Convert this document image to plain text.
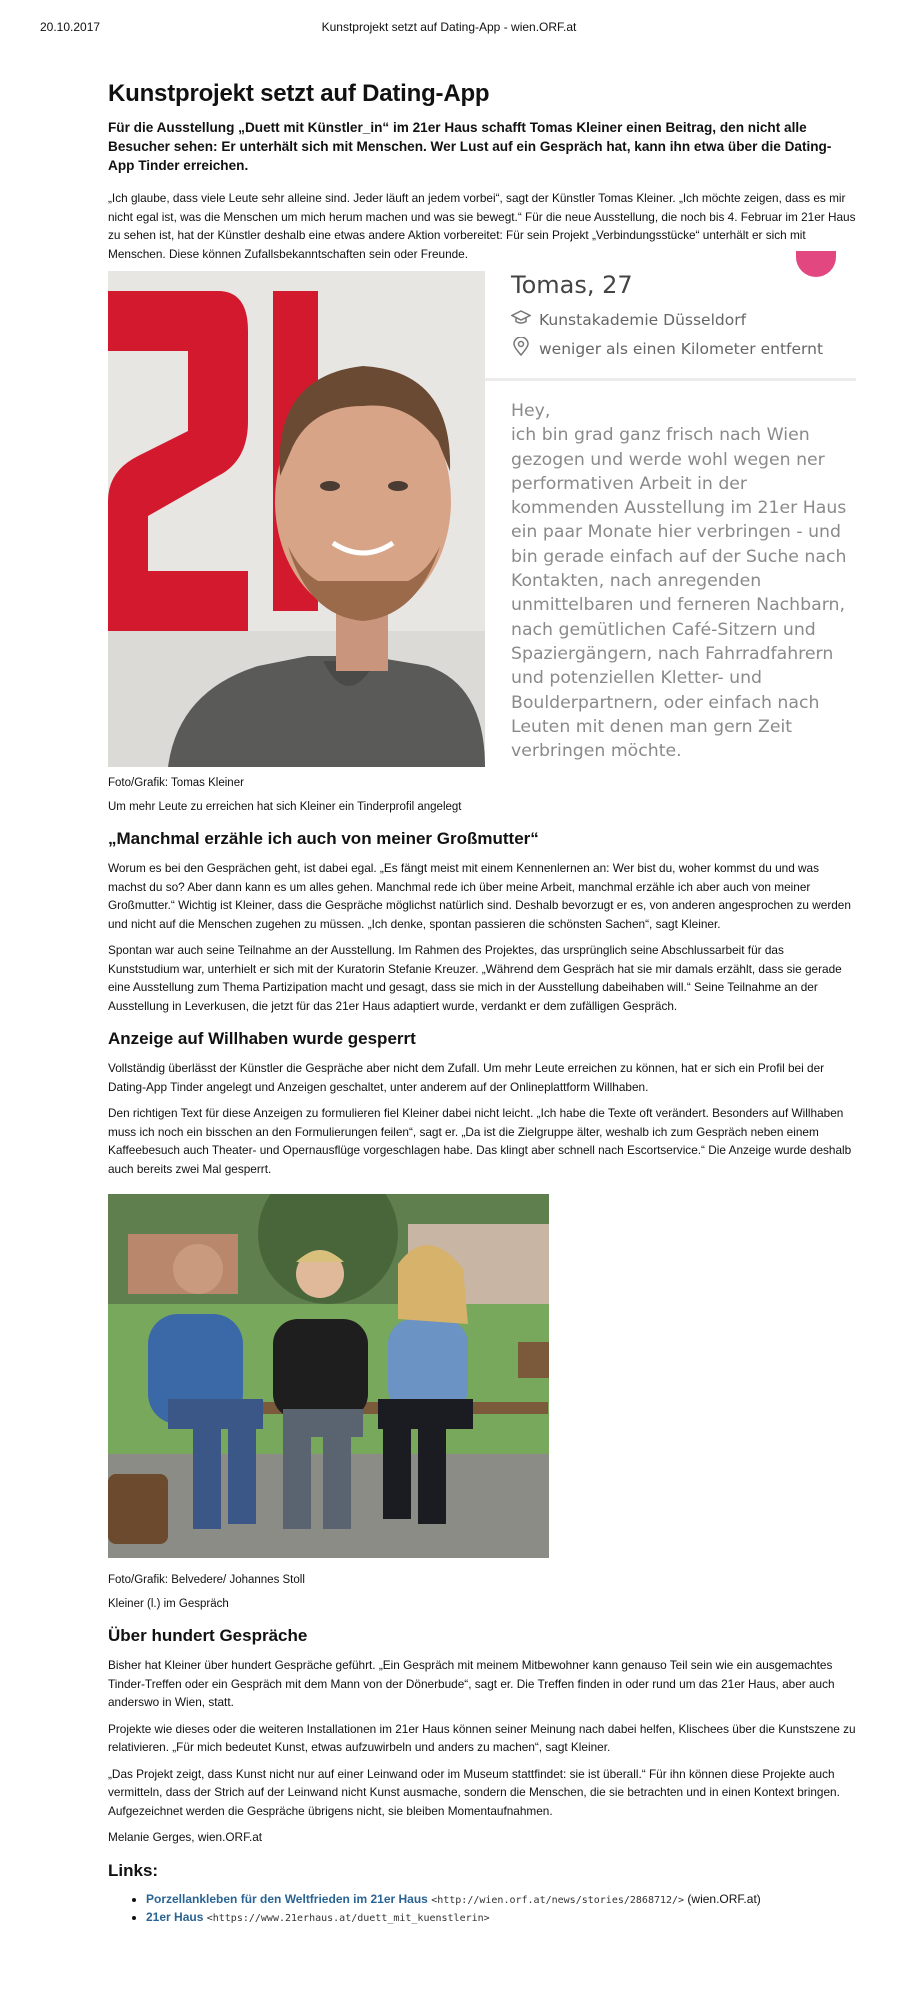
20.10.2017	Kunstprojekt setzt auf Dating-App - wien.ORF.at
Kunstprojekt setzt auf Dating-App

Für die Ausstellung „Duett mit Künstler_in“ im 21er Haus schafft Tomas Kleiner einen Beitrag, den nicht alle Besucher sehen: Er unterhält sich mit Menschen. Wer Lust auf ein Gespräch hat, kann ihn etwa über die Dating-App Tinder erreichen.

„Ich glaube, dass viele Leute sehr alleine sind. Jeder läuft an jedem vorbei“, sagt der Künstler Tomas Kleiner. „Ich möchte zeigen, dass es mir nicht egal ist, was die Menschen um mich herum machen und was sie bewegt.“ Für die neue Ausstellung, die noch bis 4. Februar im 21er Haus zu sehen ist, hat der Künstler deshalb eine etwas andere Aktion vorbereitet: Für sein Projekt „Verbindungsstücke“ unterhält er sich mit Menschen. Diese können Zufallsbekanntschaften sein oder Freunde.

Tomas, 27
Kunstakademie Düsseldorf
weniger als einen Kilometer entfernt

Hey,
ich bin grad ganz frisch nach Wien gezogen und werde wohl wegen ner performativen Arbeit in der kommenden Ausstellung im 21er Haus ein paar Monate hier verbringen - und bin gerade einfach auf der Suche nach Kontakten, nach anregenden unmittelbaren und ferneren Nachbarn, nach gemütlichen Café-Sitzern und Spaziergängern, nach Fahrradfahrern und potenziellen Kletter- und Boulderpartnern, oder einfach nach Leuten mit denen man gern Zeit verbringen möchte.

Foto/Grafik: Tomas Kleiner

Um mehr Leute zu erreichen hat sich Kleiner ein Tinderprofil angelegt

„Manchmal erzähle ich auch von meiner Großmutter“

Worum es bei den Gesprächen geht, ist dabei egal. „Es fängt meist mit einem Kennenlernen an: Wer bist du, woher kommst du und was machst du so? Aber dann kann es um alles gehen. Manchmal rede ich über meine Arbeit, manchmal erzähle ich aber auch von meiner Großmutter.“ Wichtig ist Kleiner, dass die Gespräche möglichst natürlich sind. Deshalb bevorzugt er es, von anderen angesprochen zu werden und nicht auf die Menschen zugehen zu müssen. „Ich denke, spontan passieren die schönsten Sachen“, sagt Kleiner.

Spontan war auch seine Teilnahme an der Ausstellung. Im Rahmen des Projektes, das ursprünglich seine Abschlussarbeit für das Kunststudium war, unterhielt er sich mit der Kuratorin Stefanie Kreuzer. „Während dem Gespräch hat sie mir damals erzählt, dass sie gerade eine Ausstellung zum Thema Partizipation macht und gesagt, dass sie mich in der Ausstellung dabeihaben will.“ Seine Teilnahme an der Ausstellung in Leverkusen, die jetzt für das 21er Haus adaptiert wurde, verdankt er dem zufälligen Gespräch.

Anzeige auf Willhaben wurde gesperrt

Vollständig überlässt der Künstler die Gespräche aber nicht dem Zufall. Um mehr Leute erreichen zu können, hat er sich ein Profil bei der Dating-App Tinder angelegt und Anzeigen geschaltet, unter anderem auf der Onlineplattform Willhaben.

Den richtigen Text für diese Anzeigen zu formulieren fiel Kleiner dabei nicht leicht. „Ich habe die Texte oft verändert. Besonders auf Willhaben muss ich noch ein bisschen an den Formulierungen feilen“, sagt er. „Da ist die Zielgruppe älter, weshalb ich zum Gespräch neben einem Kaffeebesuch auch Theater- und Opernausflüge vorgeschlagen habe. Das klingt aber schnell nach Escortservice.“ Die Anzeige wurde deshalb auch bereits zwei Mal gesperrt.

Foto/Grafik: Belvedere/ Johannes Stoll

Kleiner (l.) im Gespräch

Über hundert Gespräche

Bisher hat Kleiner über hundert Gespräche geführt. „Ein Gespräch mit meinem Mitbewohner kann genauso Teil sein wie ein ausgemachtes Tinder-Treffen oder ein Gespräch mit dem Mann von der Dönerbude“, sagt er. Die Treffen finden in oder rund um das 21er Haus, aber auch anderswo in Wien, statt.

Projekte wie dieses oder die weiteren Installationen im 21er Haus können seiner Meinung nach dabei helfen, Klischees über die Kunstszene zu relativieren. „Für mich bedeutet Kunst, etwas aufzuwirbeln und anders zu machen“, sagt Kleiner.

„Das Projekt zeigt, dass Kunst nicht nur auf einer Leinwand oder im Museum stattfindet: sie ist überall.“ Für ihn können diese Projekte auch vermitteln, dass der Strich auf der Leinwand nicht Kunst ausmache, sondern die Menschen, die sie betrachten und in einen Kontext bringen. Aufgezeichnet werden die Gespräche übrigens nicht, sie bleiben Momentaufnahmen.

Melanie Gerges, wien.ORF.at

Links:
• Porzellankleben für den Weltfrieden im 21er Haus <http://wien.orf.at/news/stories/2868712/> (wien.ORF.at)
• 21er Haus <https://www.21erhaus.at/duett_mit_kuenstlerin>
